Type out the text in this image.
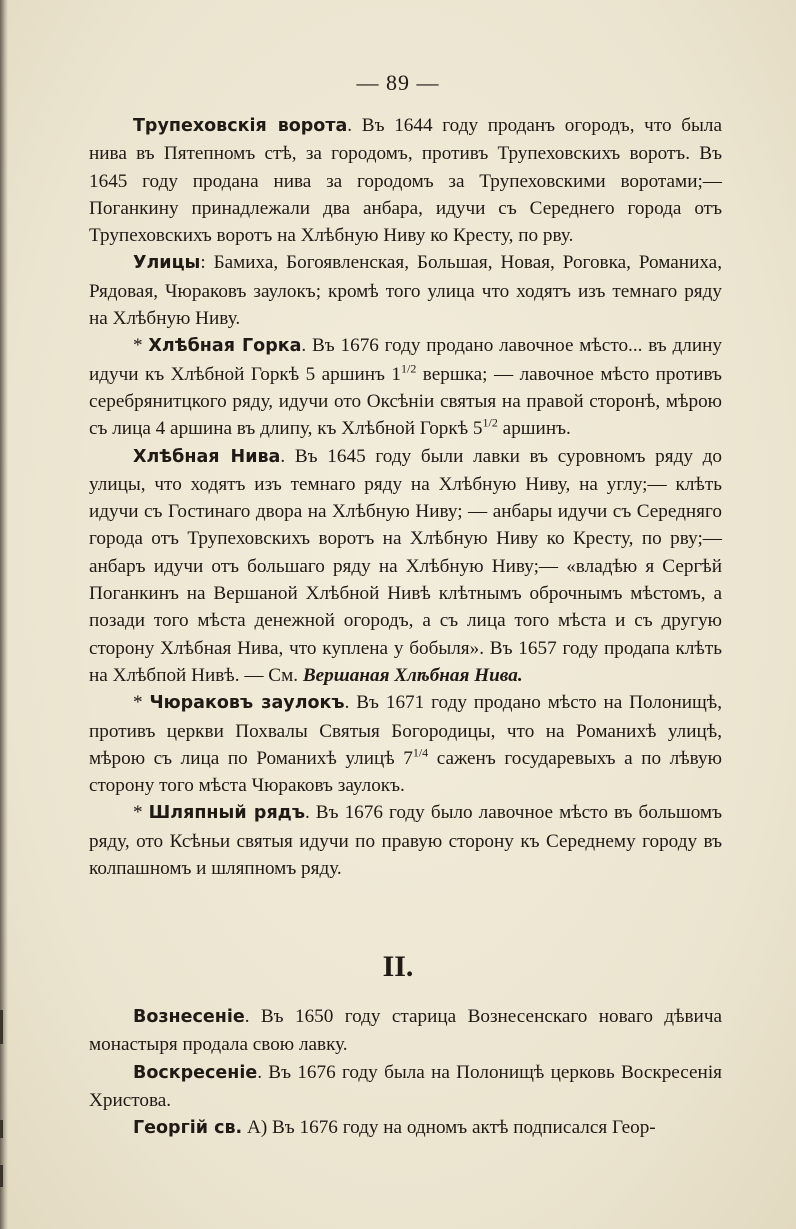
— 89 —

Трупеховскія ворота. Въ 1644 году проданъ огородъ, что была нива въ Пятепномъ стѣ, за городомъ, противъ Трупеховскихъ воротъ. Въ 1645 году продана нива за городомъ за Трупеховскими воротами;— Поганкину принадлежали два анбара, идучи съ Середнего города отъ Трупеховскихъ воротъ на Хлѣбную Ниву ко Кресту, по рву.

Улицы: Бамиха, Богоявленская, Большая, Новая, Роговка, Романиха, Рядовая, Чюраковъ заулокъ; кромѣ того улица что ходятъ изъ темнаго ряду на Хлѣбную Ниву.

* Хлѣбная Горка. Въ 1676 году продано лавочное мѣсто... въ длину идучи къ Хлѣбной Горкѣ 5 аршинъ $1^{1/2}$ вершка; — лавочное мѣсто противъ серебрянитцкого ряду, идучи ото Оксѣніи святыя на правой сторонѣ, мѣрою съ лица 4 аршина въ длипу, къ Хлѣбной Горкѣ $5^{1/2}$ аршинъ.

Хлѣбная Нива. Въ 1645 году были лавки въ суровномъ ряду до улицы, что ходятъ изъ темнаго ряду на Хлѣбную Ниву, на углу;— клѣть идучи съ Гостинаго двора на Хлѣбную Ниву; — анбары идучи съ Середняго города отъ Трупеховскихъ воротъ на Хлѣбную Ниву ко Кресту, по рву;—анбаръ идучи отъ большаго ряду на Хлѣбную Ниву;— «владѣю я Сергѣй Поганкинъ на Вершаной Хлѣбной Нивѣ клѣтнымъ оброчнымъ мѣстомъ, а позади того мѣста денежной огородъ, а съ лица того мѣста и съ другую сторону Хлѣбная Нива, что куплена у бобыля». Въ 1657 году продапа клѣть на Хлѣбпой Нивѣ. — См. Вершаная Хлѣбная Нива.

* Чюраковъ заулокъ. Въ 1671 году продано мѣсто на Полонищѣ, противъ церкви Похвалы Святыя Богородицы, что на Романихѣ улицѣ, мѣрою съ лица по Романихѣ улицѣ $7^{1/4}$ саженъ государевыхъ а по лѣвую сторону того мѣста Чюраковъ заулокъ.

* Шляпный рядъ. Въ 1676 году было лавочное мѣсто въ большомъ ряду, ото Ксѣньи святыя идучи по правую сторону къ Середнему городу въ колпашномъ и шляпномъ ряду.

II.

Вознесеніе. Въ 1650 году старица Вознесенскаго новаго дѣвича монастыря продала свою лавку.

Воскресеніе. Въ 1676 году была на Полонищѣ церковь Воскресенія Христова.

Георгій св. А) Въ 1676 году на одномъ актѣ подписался Геор-
